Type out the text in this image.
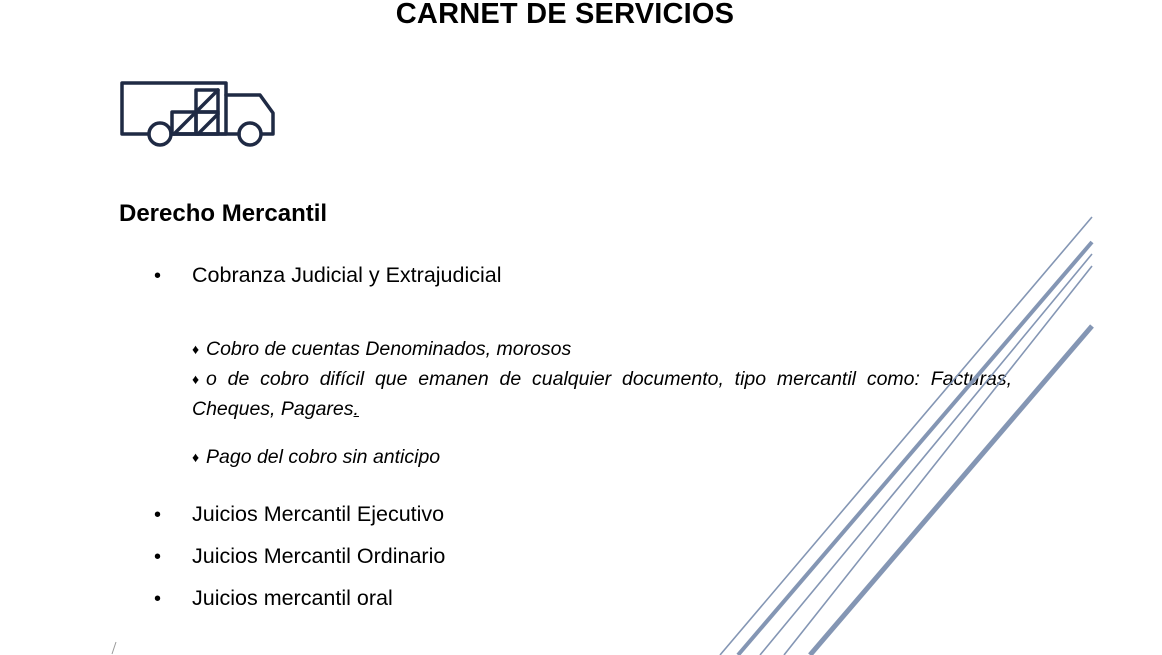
CARNET DE SERVICIOS
Derecho Mercantil
•	Cobranza Judicial y Extrajudicial
♦ Cobro de cuentas Denominados, morosos
♦ o de cobro difícil que emanen de cualquier documento, tipo mercantil como: Facturas, Cheques, Pagares.
♦ Pago del cobro sin anticipo
•	Juicios Mercantil Ejecutivo
•	Juicios Mercantil Ordinario
•	Juicios mercantil oral
